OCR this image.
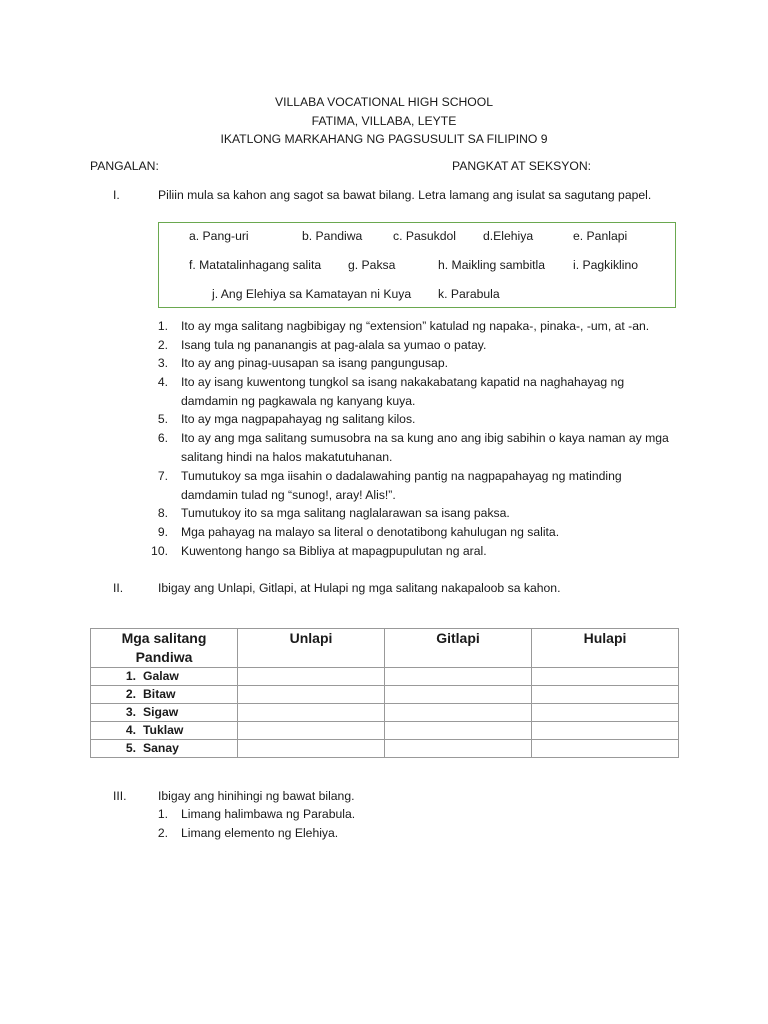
VILLABA VOCATIONAL HIGH SCHOOL
FATIMA, VILLABA, LEYTE
IKATLONG MARKAHANG NG PAGSUSULIT SA FILIPINO 9
PANGALAN:	PANGKAT AT SEKSYON:
I.	Piliin mula sa kahon ang sagot sa bawat bilang. Letra lamang ang isulat sa sagutang papel.
a. Pang-uri	b. Pandiwa	c. Pasukdol d.Elehiya	e. Panlapi
f. Matatalinhagang salita g. Paksa	h. Maikling sambitla i. Pagkiklino
j. Ang Elehiya sa Kamatayan ni Kuya k. Parabula
1. Ito ay mga salitang nagbibigay ng “extension” katulad ng napaka-, pinaka-, -um, at -an.
2. Isang tula ng pananangis at pag-alala sa yumao o patay.
3. Ito ay ang pinag-uusapan sa isang pangungusap.
4. Ito ay isang kuwentong tungkol sa isang nakakabatang kapatid na naghahayag ng
damdamin ng pagkawala ng kanyang kuya.
5. Ito ay mga nagpapahayag ng salitang kilos.
6. Ito ay ang mga salitang sumusobra na sa kung ano ang ibig sabihin o kaya naman ay mga
salitang hindi na halos makatutuhanan.
7. Tumutukoy sa mga iisahin o dadalawahing pantig na nagpapahayag ng matinding
damdamin tulad ng “sunog!, aray! Alis!”.
8. Tumutukoy ito sa mga salitang naglalarawan sa isang paksa.
9. Mga pahayag na malayo sa literal o denotatibong kahulugan ng salita.
10. Kuwentong hango sa Bibliya at mapagpupulutan ng aral.
II.	Ibigay ang Unlapi, Gitlapi, at Hulapi ng mga salitang nakapaloob sa kahon.
Mga salitang
Pandiwa	Unlapi	Gitlapi	Hulapi
1. Galaw			
2. Bitaw			
3. Sigaw			
4. Tuklaw			
5. Sanay			
III.	Ibigay ang hinihingi ng bawat bilang.
1. Limang halimbawa ng Parabula.
2. Limang elemento ng Elehiya.
